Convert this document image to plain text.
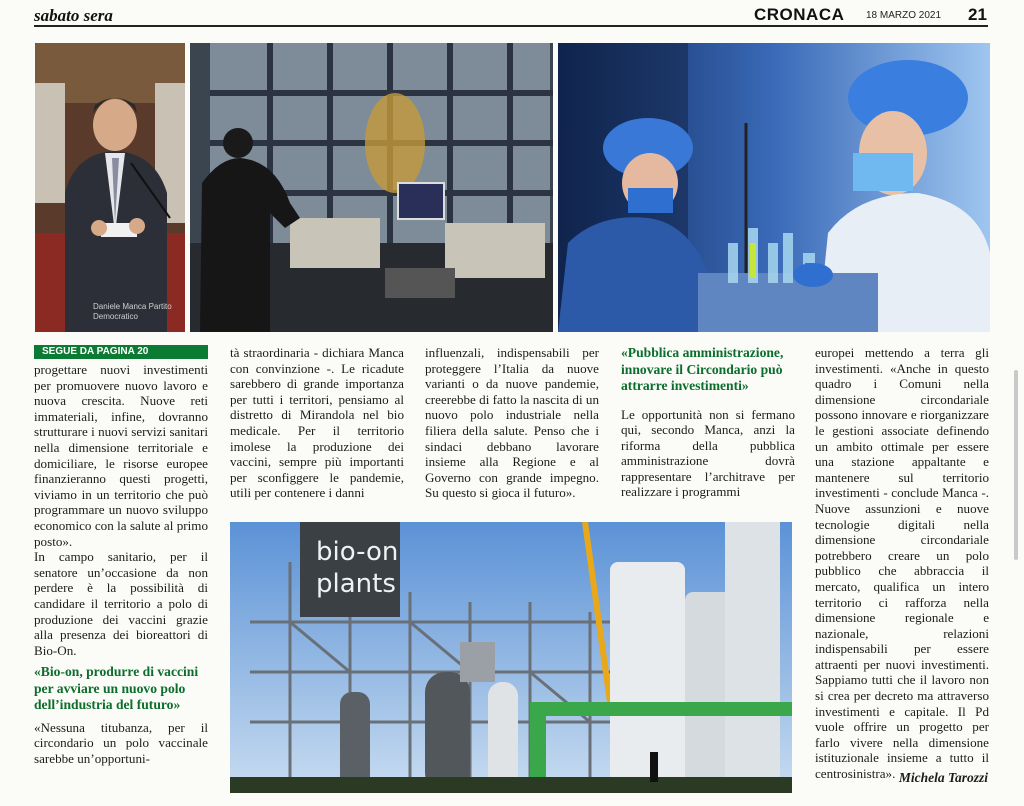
sabato sera	CRONACA 18 MARZO 2021 21
Daniele Manca Partito Democratico
SEGUE DA PAGINA 20

progettare nuovi investimenti per promuovere nuovo lavoro e nuova crescita. Nuove reti immateriali, infine, dovranno strutturare i nuovi servizi sanitari nella dimensione territoriale e domiciliare, le risorse europee finanzieranno questi progetti, viviamo in un territorio che può programmare un nuovo sviluppo economico con la salute al primo posto».

In campo sanitario, per il senatore un’occasione da non perdere è la possibilità di candidare il territorio a polo di produzione dei vaccini grazie alla presenza dei bioreattori di Bio-On.

«Bio-on, produrre di vaccini per avviare un nuovo polo dell’industria del futuro»

«Nessuna titubanza, per il circondario un polo vaccinale sarebbe un’opportuni-

tà straordinaria - dichiara Manca con convinzione -. Le ricadute sarebbero di grande importanza per tutti i territori, pensiamo al distretto di Mirandola nel bio medicale. Per il territorio imolese la produzione dei vaccini, sempre più importanti per sconfiggere le pandemie, utili per contenere i danni

influenzali, indispensabili per proteggere l’Italia da nuove varianti o da nuove pandemie, creerebbe di fatto la nascita di un nuovo polo industriale nella filiera della salute. Penso che i sindaci debbano lavorare insieme alla Regione e al Governo con grande impegno. Su questo si gioca il futuro».

«Pubblica amministrazione, innovare il Circondario può attrarre investimenti»

Le opportunità non si fermano qui, secondo Manca, anzi la riforma della pubblica amministrazione dovrà rappresentare l’architrave per realizzare i programmi

europei mettendo a terra gli investimenti. «Anche in questo quadro i Comuni nella dimensione circondariale possono innovare e riorganizzare le gestioni associate definendo un ambito ottimale per essere una stazione appaltante e mantenere sul territorio investimenti - conclude Manca -. Nuove assunzioni e nuove tecnologie digitali nella dimensione circondariale potrebbero creare un polo pubblico che abbraccia il mercato, qualifica un intero territorio ci rafforza nella dimensione regionale e nazionale, relazioni indispensabili per essere attraenti per nuovi investimenti. Sappiamo tutti che il lavoro non si crea per decreto ma attraverso investimenti e capitale. Il Pd vuole offrire un progetto per farlo vivere nella dimensione istituzionale insieme a tutto il centrosinistra». Michela Tarozzi
bio-on
plants
